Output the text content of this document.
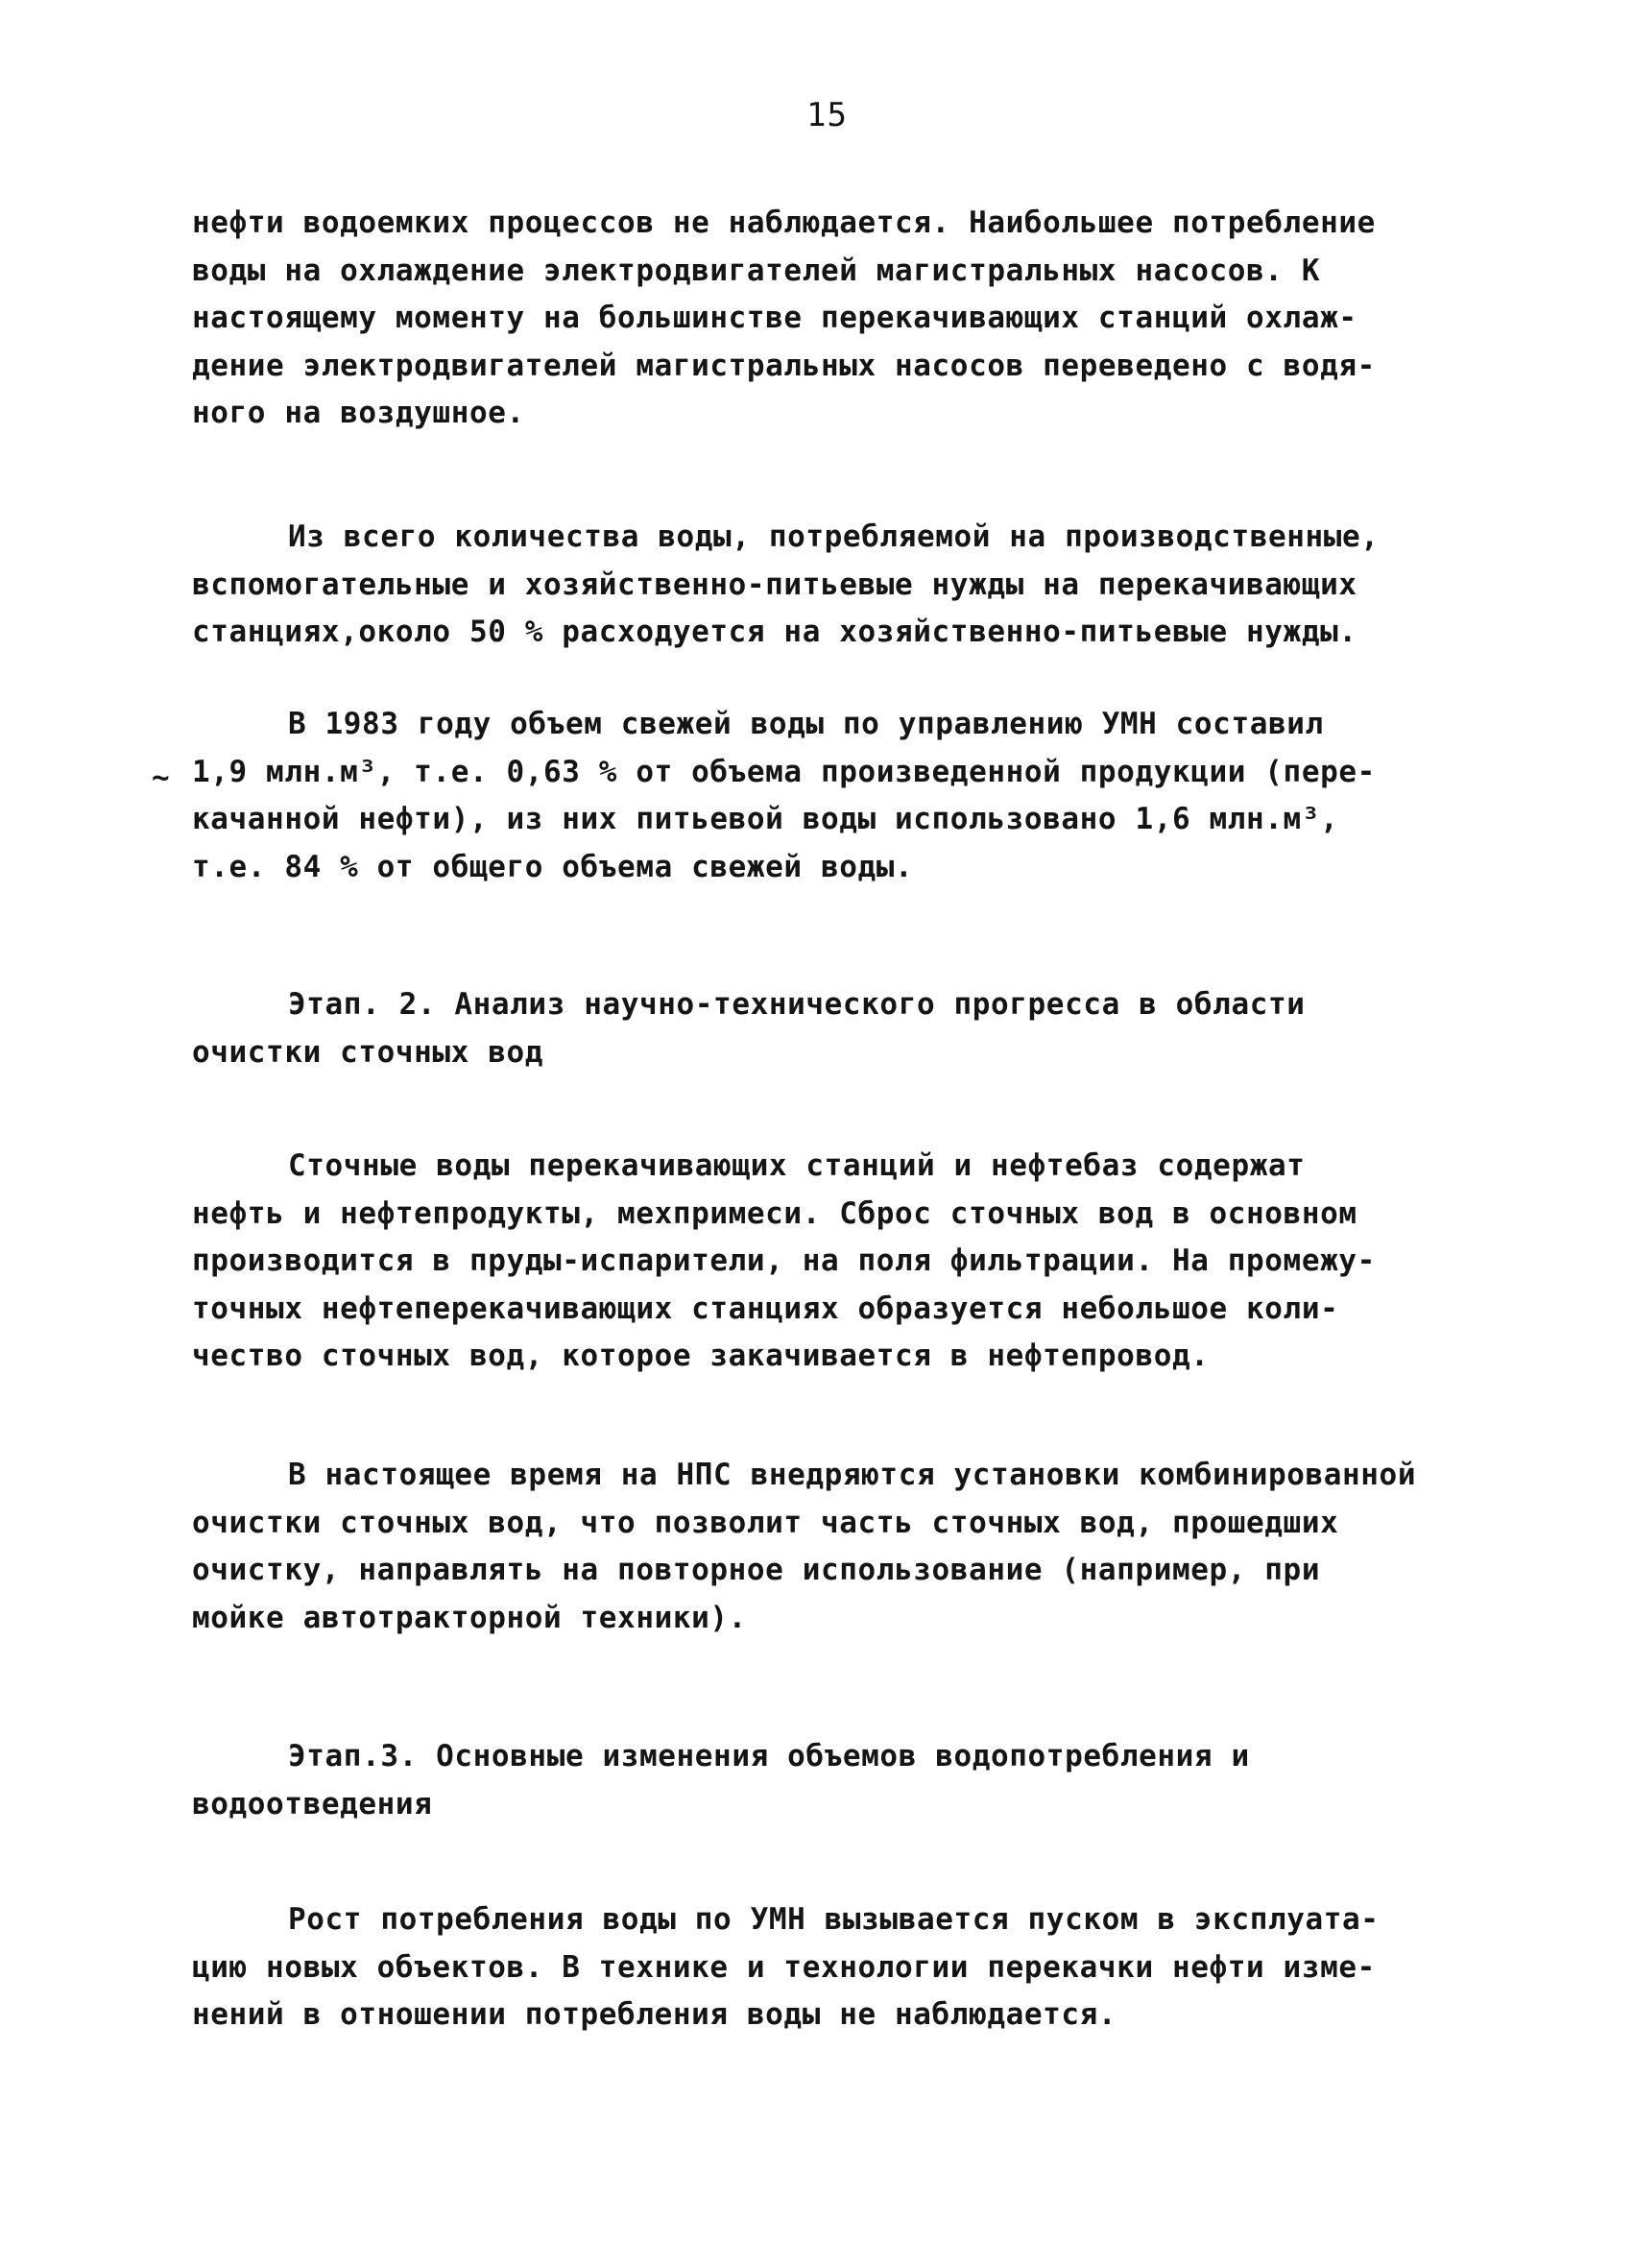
15
нефти водоемких процессов не наблюдается. Наибольшее потребление
воды на охлаждение электродвигателей магистральных насосов. К
настоящему моменту на большинстве перекачивающих станций охлаж-
дение электродвигателей магистральных насосов переведено с водя-
ного на воздушное.
Из всего количества воды, потребляемой на производственные,
вспомогательные и хозяйственно-питьевые нужды на перекачивающих
станциях,около 50 % расходуется на хозяйственно-питьевые нужды.
~
В 1983 году объем свежей воды по управлению УМН составил
1,9 млн.м³, т.е. 0,63 % от объема произведенной продукции (пере-
качанной нефти), из них питьевой воды использовано 1,6 млн.м³,
т.е. 84 % от общего объема свежей воды.
Этап. 2. Анализ научно-технического прогресса в области
очистки сточных вод
Сточные воды перекачивающих станций и нефтебаз содержат
нефть и нефтепродукты, мехпримеси. Сброс сточных вод в основном
производится в пруды-испарители, на поля фильтрации. На промежу-
точных нефтеперекачивающих станциях образуется небольшое коли-
чество сточных вод, которое закачивается в нефтепровод.
В настоящее время на НПС внедряются установки комбинированной
очистки сточных вод, что позволит часть сточных вод, прошедших
очистку, направлять на повторное использование (например, при
мойке автотракторной техники).
Этап.3. Основные изменения объемов водопотребления и
водоотведения
Рост потребления воды по УМН вызывается пуском в эксплуата-
цию новых объектов. В технике и технологии перекачки нефти изме-
нений в отношении потребления воды не наблюдается.
